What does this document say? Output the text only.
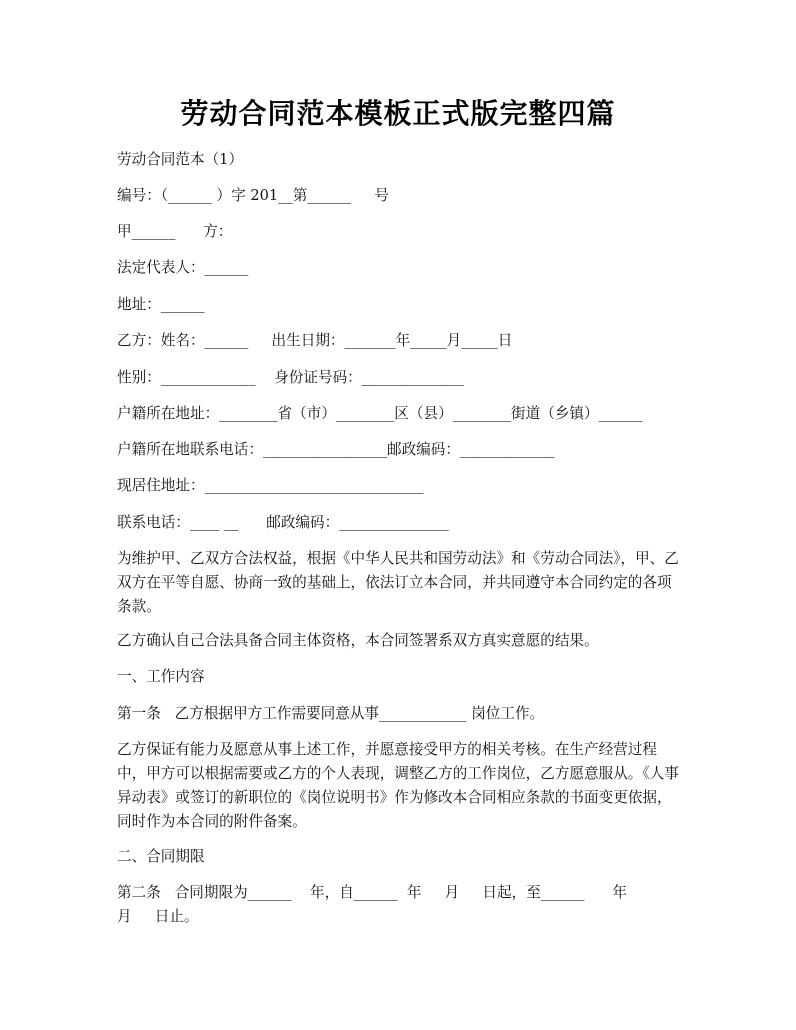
劳动合同范本模板正式版完整四篇
劳动合同范本（1）
编号：（______ ）字 201__第______     号
甲______      方：
法定代表人：______
地址：______
乙方：姓名：______     出生日期：_______年_____月_____日
性别：_____________    身份证号码：______________
户籍所在地址：________省（市）________区（县）________街道（乡镇）______
户籍所在地联系电话：_________________邮政编码：_____________
现居住地址：______________________________
联系电话：____ __      邮政编码：_______________
为维护甲、乙双方合法权益，根据《中华人民共和国劳动法》和《劳动合同法》，甲、乙双方在平等自愿、协商一致的基础上，依法订立本合同，并共同遵守本合同约定的各项条款。
乙方确认自己合法具备合同主体资格，本合同签署系双方真实意愿的结果。
一、工作内容
第一条   乙方根据甲方工作需要同意从事____________ 岗位工作。
乙方保证有能力及愿意从事上述工作，并愿意接受甲方的相关考核。在生产经营过程中，甲方可以根据需要或乙方的个人表现，调整乙方的工作岗位，乙方愿意服从。《人事异动表》或签订的新职位的《岗位说明书》作为修改本合同相应条款的书面变更依据，同时作为本合同的附件备案。
二、合同期限
第二条   合同期限为______    年，自______  年     月     日起，至______      年
月     日止。
